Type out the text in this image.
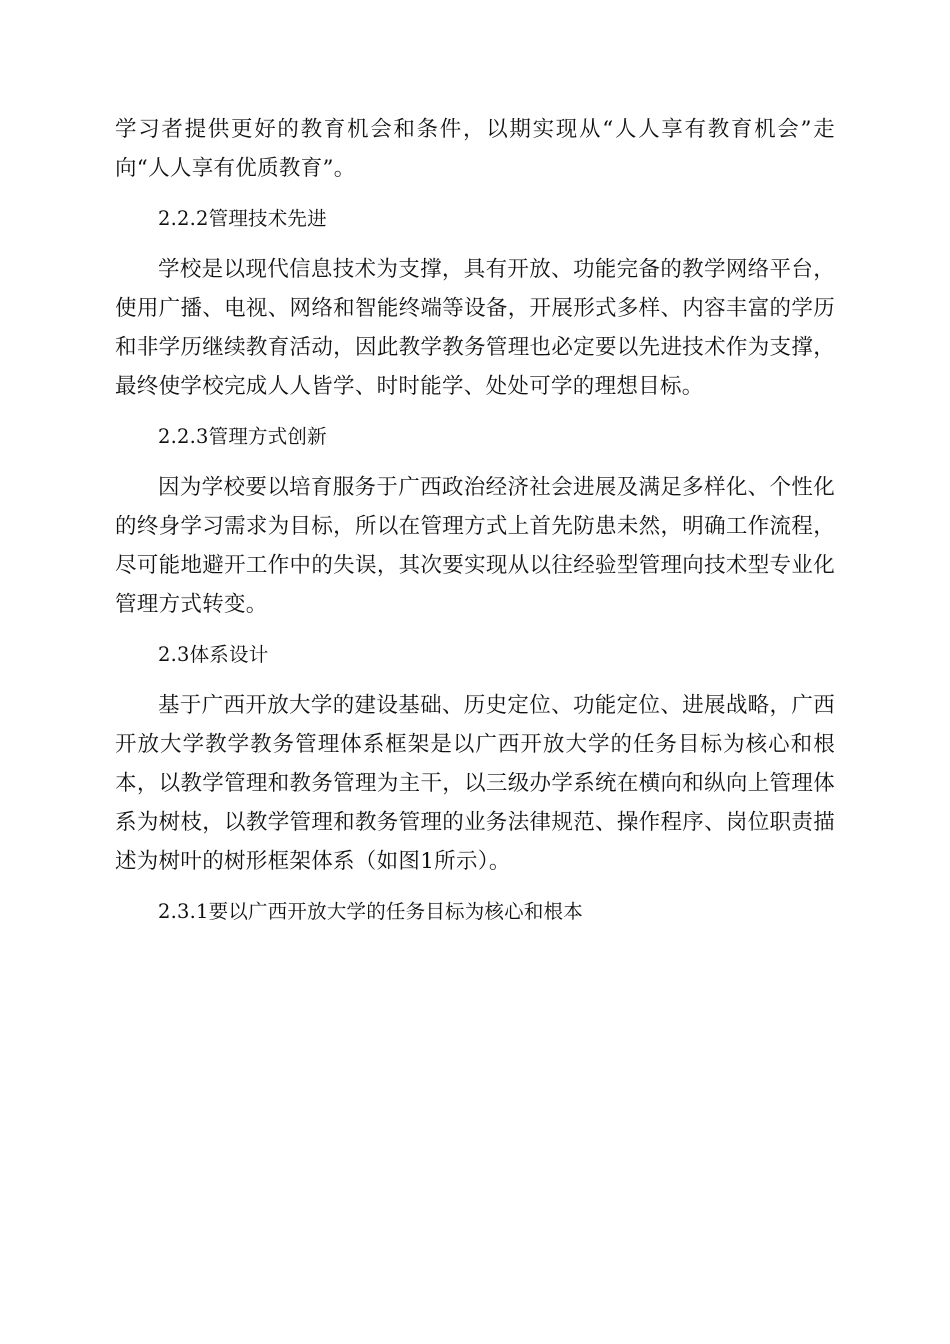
学习者提供更好的教育机会和条件，以期实现从“人人享有教育机会”走向“人人享有优质教育”。

2.2.2管理技术先进

学校是以现代信息技术为支撑，具有开放、功能完备的教学网络平台，使用广播、电视、网络和智能终端等设备，开展形式多样、内容丰富的学历和非学历继续教育活动，因此教学教务管理也必定要以先进技术作为支撑，最终使学校完成人人皆学、时时能学、处处可学的理想目标。

2.2.3管理方式创新

因为学校要以培育服务于广西政治经济社会进展及满足多样化、个性化的终身学习需求为目标，所以在管理方式上首先防患未然，明确工作流程，尽可能地避开工作中的失误，其次要实现从以往经验型管理向技术型专业化管理方式转变。

2.3体系设计

基于广西开放大学的建设基础、历史定位、功能定位、进展战略，广西开放大学教学教务管理体系框架是以广西开放大学的任务目标为核心和根本，以教学管理和教务管理为主干，以三级办学系统在横向和纵向上管理体系为树枝，以教学管理和教务管理的业务法律规范、操作程序、岗位职责描述为树叶的树形框架体系（如图1所示）。

2.3.1要以广西开放大学的任务目标为核心和根本
